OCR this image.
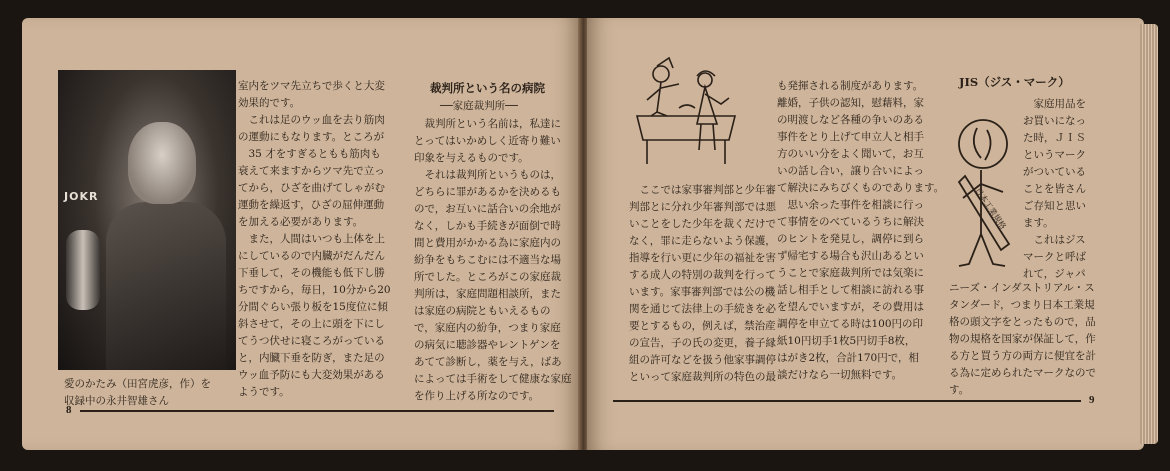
JOKR
愛のかたみ（田宮虎彦，作）を
収録中の永井智雄さん
室内をツマ先立ちで歩くと大変
効果的です。
　これは足のウッ血を去り筋肉
の運動にもなります。ところが
　35 才をすぎるともも筋肉も
衰えて来ますからツマ先で立っ
てから，ひざを曲げてしゃがむ
運動を繰返す，ひざの屈伸運動
を加える必要があります。
　また，人間はいつも上体を上
にしているので内臓がだんだん
下垂して，その機能も低下し勝
ちですから，毎日，10分から20
分間ぐらい張り板を15度位に傾
斜させて，その上に頭を下にし
てうつ伏せに寝ころがっている
と，内臓下垂を防ぎ，また足の
ウッ血予防にも大変効果がある
ようです。
裁判所という名の病院
──家庭裁判所──
　裁判所という名前は，私達に
とってはいかめしく近寄り難い
印象を与えるものです。
　それは裁判所というものは，
どちらに罪があるかを決めるも
ので，お互いに話合いの余地が
なく，しかも手続きが面倒で時
間と費用がかかる為に家庭内の
紛争をもちこむには不適当な場
所でした。ところがこの家庭裁
判所は，家庭問題相談所，また
は家庭の病院ともいえるもの
で，家庭内の紛争，つまり家庭
の病気に聴診器やレントゲンを
あてて診断し，薬を与え，ばあ
によっては手術をして健康な家庭
を作り上げる所なのです。
8
　ここでは家事審判部と少年審
判部とに分れ少年審判部では悪
いことをした少年を裁くだけで
なく，罪に走らないよう保護，
指導を行い更に少年の福祉を害
する成人の特別の裁判を行って
います。家事審判部では公の機
関を通じて法律上の手続きを必
要とするもの，例えば，禁治産
の宣告，子の氏の変更，養子縁
組の許可などを扱う他家事調停
といって家庭裁判所の特色の最
も発揮される制度があります。
離婚，子供の認知，慰藉料，家
の明渡しなど各種の争いのある
事件をとり上げて申立人と相手
方のいい分をよく聞いて，お互
いの話し合い，譲り合いによっ
て解決にみちびくものであります。
　思い余った事件を相談に行っ
て事情をのべているうちに解決
のヒントを発見し，調停に到ら
ず帰宅する場合も沢山あるとい
うことで家庭裁判所では気楽に
話し相手として相談に訪れる事
を望んでいますが，その費用は
調停を申立てる時は100円の印
紙10円切手1枚5円切手8枚，
はがき2枚，合計170円で，相
談だけなら一切無料です。
JIS（ジス・マーク）
　家庭用品を
お買いになっ
た時，ＪＩＳ
というマーク
がついている
ことを皆さん
ご存知と思い
ます。
　これはジス
マークと呼ば
れて，ジャパ
ニーズ・インダストリアル・ス
タンダード，つまり日本工業規
格の頭文字をとったもので，品
物の規格を国家が保証して，作
る方と買う方の両方に便宜を計
る為に定められたマークなので
す。
日本工業規格
9
